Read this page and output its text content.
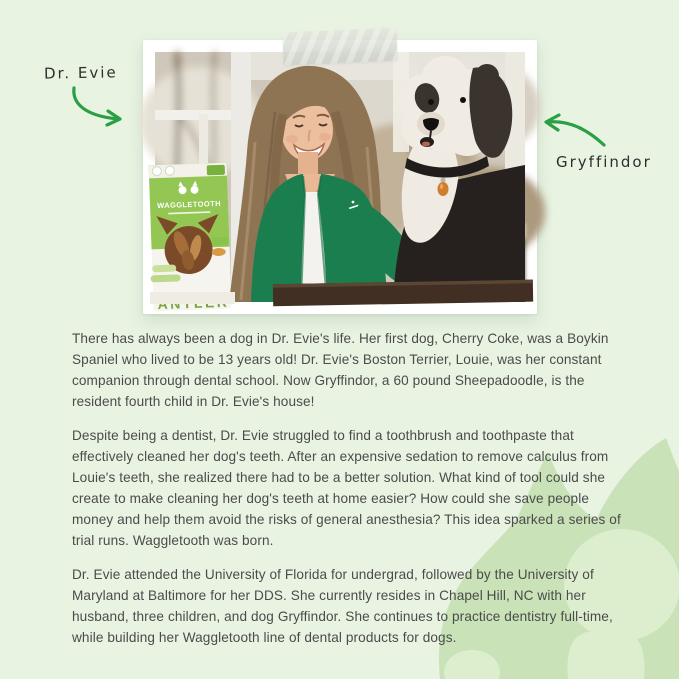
WAGGLETOOTH
Dr. Evie
Gryffindor

There has always been a dog in Dr. Evie's life. Her first dog, Cherry Coke, was a Boykin Spaniel who lived to be 13 years old! Dr. Evie's Boston Terrier, Louie, was her constant companion through dental school. Now Gryffindor, a 60 pound Sheepadoodle, is the resident fourth child in Dr. Evie's house!

Despite being a dentist, Dr. Evie struggled to find a toothbrush and toothpaste that effectively cleaned her dog's teeth. After an expensive sedation to remove calculus from Louie's teeth, she realized there had to be a better solution. What kind of tool could she create to make cleaning her dog's teeth at home easier? How could she save people money and help them avoid the risks of general anesthesia? This idea sparked a series of trial runs. Waggletooth was born.

Dr. Evie attended the University of Florida for undergrad, followed by the University of Maryland at Baltimore for her DDS. She currently resides in Chapel Hill, NC with her husband, three children, and dog Gryffindor. She continues to practice dentistry full-time, while building her Waggletooth line of dental products for dogs.
